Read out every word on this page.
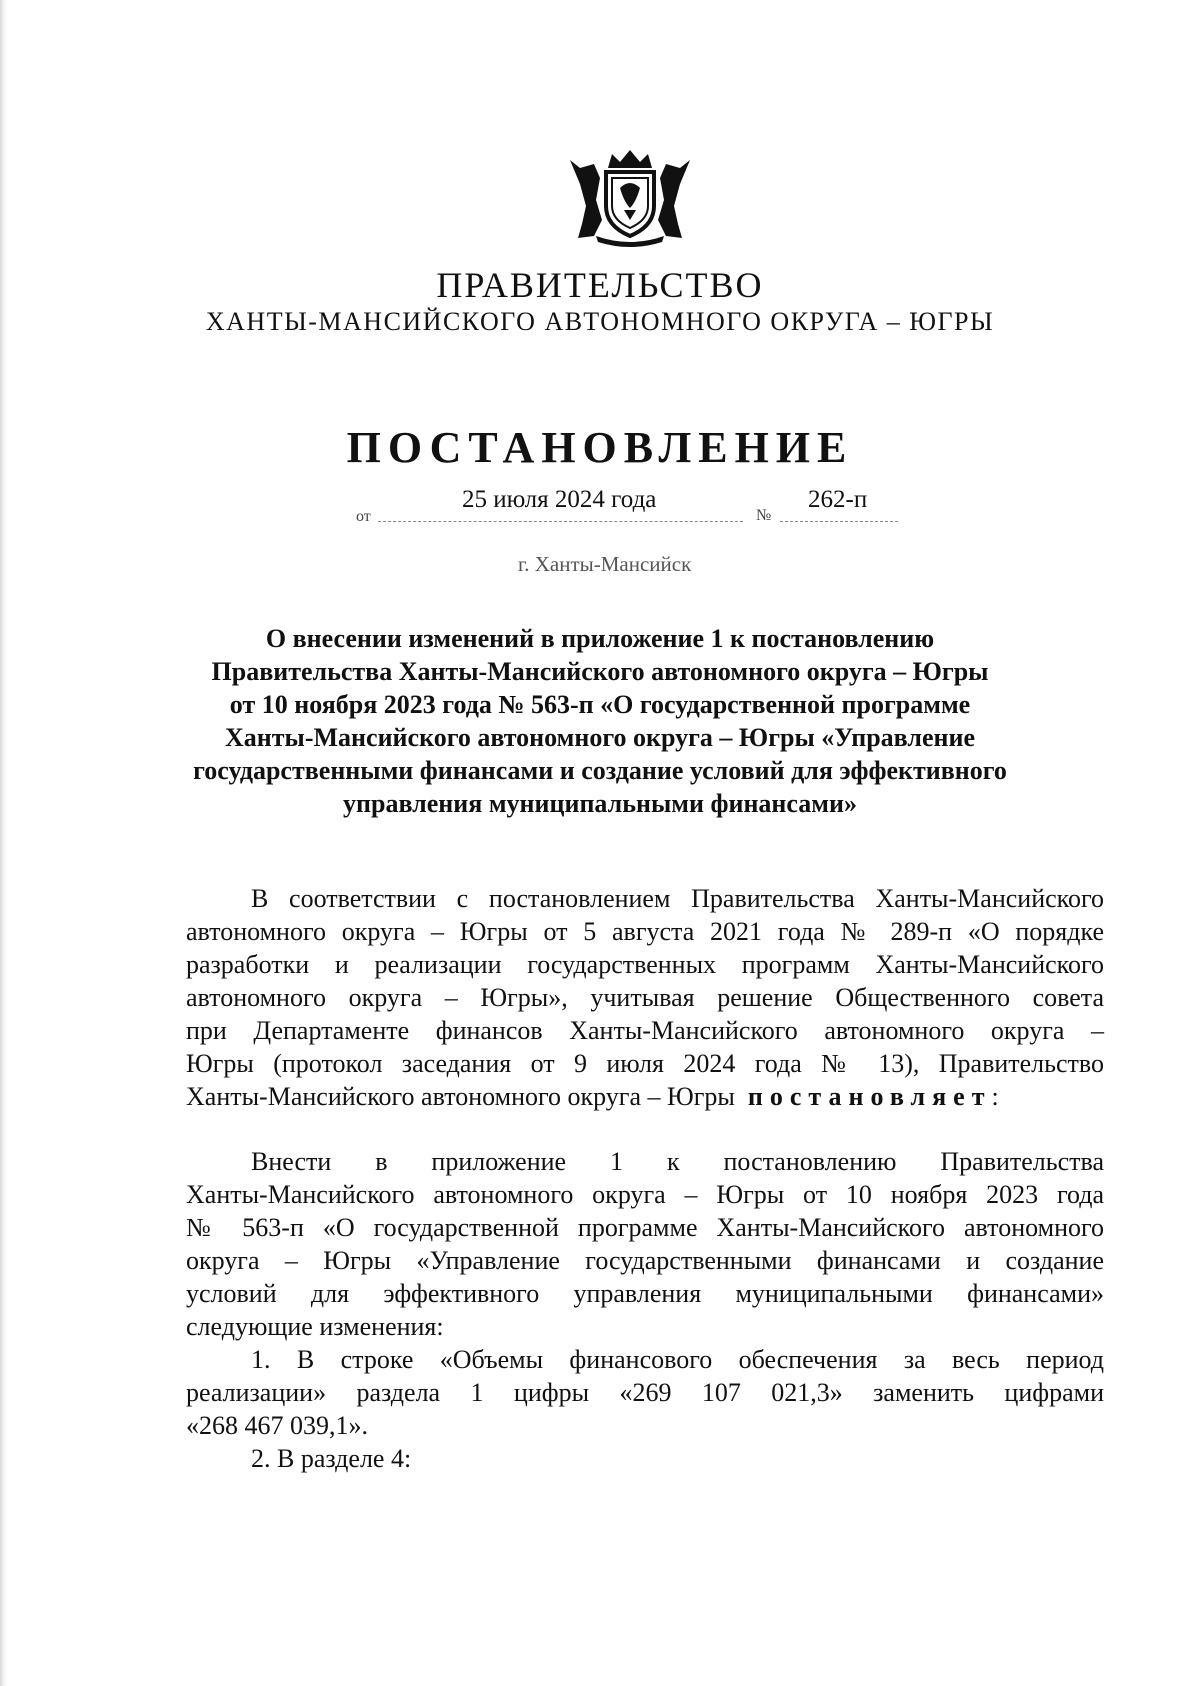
ПРАВИТЕЛЬСТВО
ХАНТЫ-МАНСИЙСКОГО АВТОНОМНОГО ОКРУГА – ЮГРЫ
ПОСТАНОВЛЕНИЕ
от
25 июля 2024 года
№
262-п
г. Ханты-Мансийск
О внесении изменений в приложение 1 к постановлению
Правительства Ханты-Мансийского автономного округа – Югры
от 10 ноября 2023 года № 563-п «О государственной программе
Ханты-Мансийского автономного округа – Югры «Управление
государственными финансами и создание условий для эффективного
управления муниципальными финансами»
В соответствии с постановлением Правительства Ханты-Мансийского
автономного округа – Югры от 5 августа 2021 года № 289-п «О порядке
разработки и реализации государственных программ Ханты-Мансийского
автономного округа – Югры», учитывая решение Общественного совета
при Департаменте финансов Ханты-Мансийского автономного округа –
Югры (протокол заседания от 9 июля 2024 года № 13), Правительство
Ханты-Мансийского автономного округа – Югры постановляет:
Внести в приложение 1 к постановлению Правительства
Ханты-Мансийского автономного округа – Югры от 10 ноября 2023 года
№ 563-п «О государственной программе Ханты-Мансийского автономного
округа – Югры «Управление государственными финансами и создание
условий для эффективного управления муниципальными финансами»
следующие изменения:
1. В строке «Объемы финансового обеспечения за весь период
реализации» раздела 1 цифры «269 107 021,3» заменить цифрами
«268 467 039,1».
2. В разделе 4:
